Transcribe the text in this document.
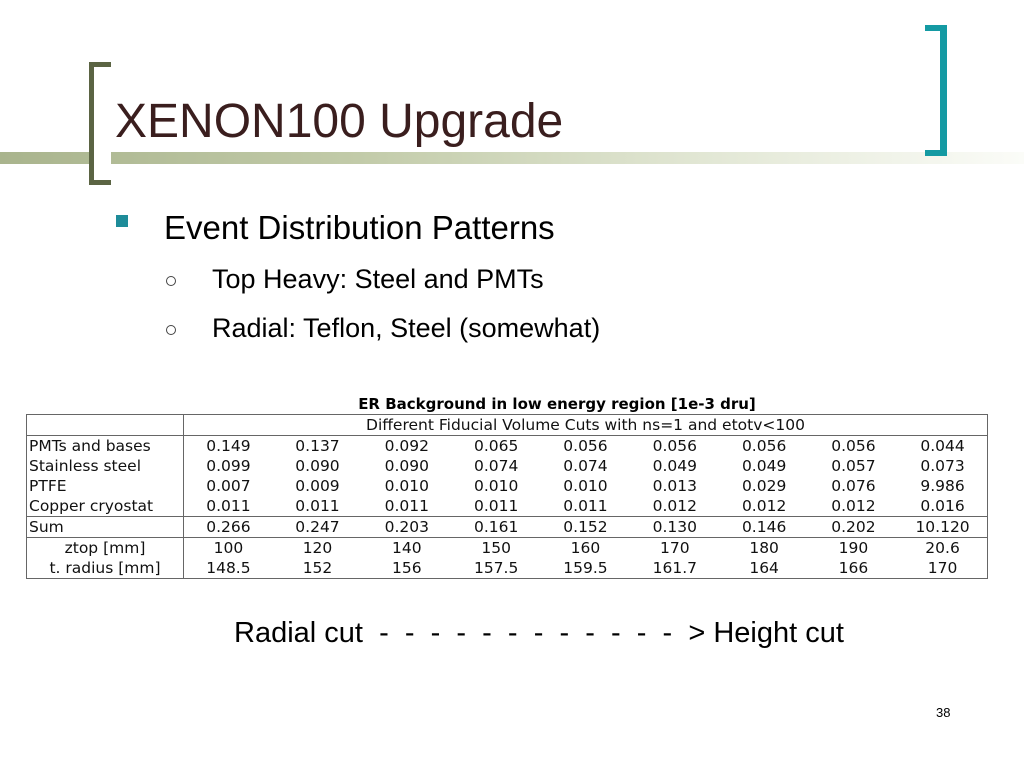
XENON100 Upgrade
Event Distribution Patterns
Top Heavy: Steel and PMTs
Radial: Teflon, Steel (somewhat)
ER Background in low energy region [1e-3 dru]
	Different Fiducial Volume Cuts with ns=1 and etotv<100								
PMTs and bases	0.149	0.137	0.092	0.065	0.056	0.056	0.056	0.056	0.044
Stainless steel	0.099	0.090	0.090	0.074	0.074	0.049	0.049	0.057	0.073
PTFE	0.007	0.009	0.010	0.010	0.010	0.013	0.029	0.076	9.986
Copper cryostat	0.011	0.011	0.011	0.011	0.011	0.012	0.012	0.012	0.016
Sum	0.266	0.247	0.203	0.161	0.152	0.130	0.146	0.202	10.120
ztop [mm]	100	120	140	150	160	170	180	190	20.6
t. radius [mm]	148.5	152	156	157.5	159.5	161.7	164	166	170
Radial cut  -  -  -  -  -  -  -  -  -  -  -  -  > Height cut
38
